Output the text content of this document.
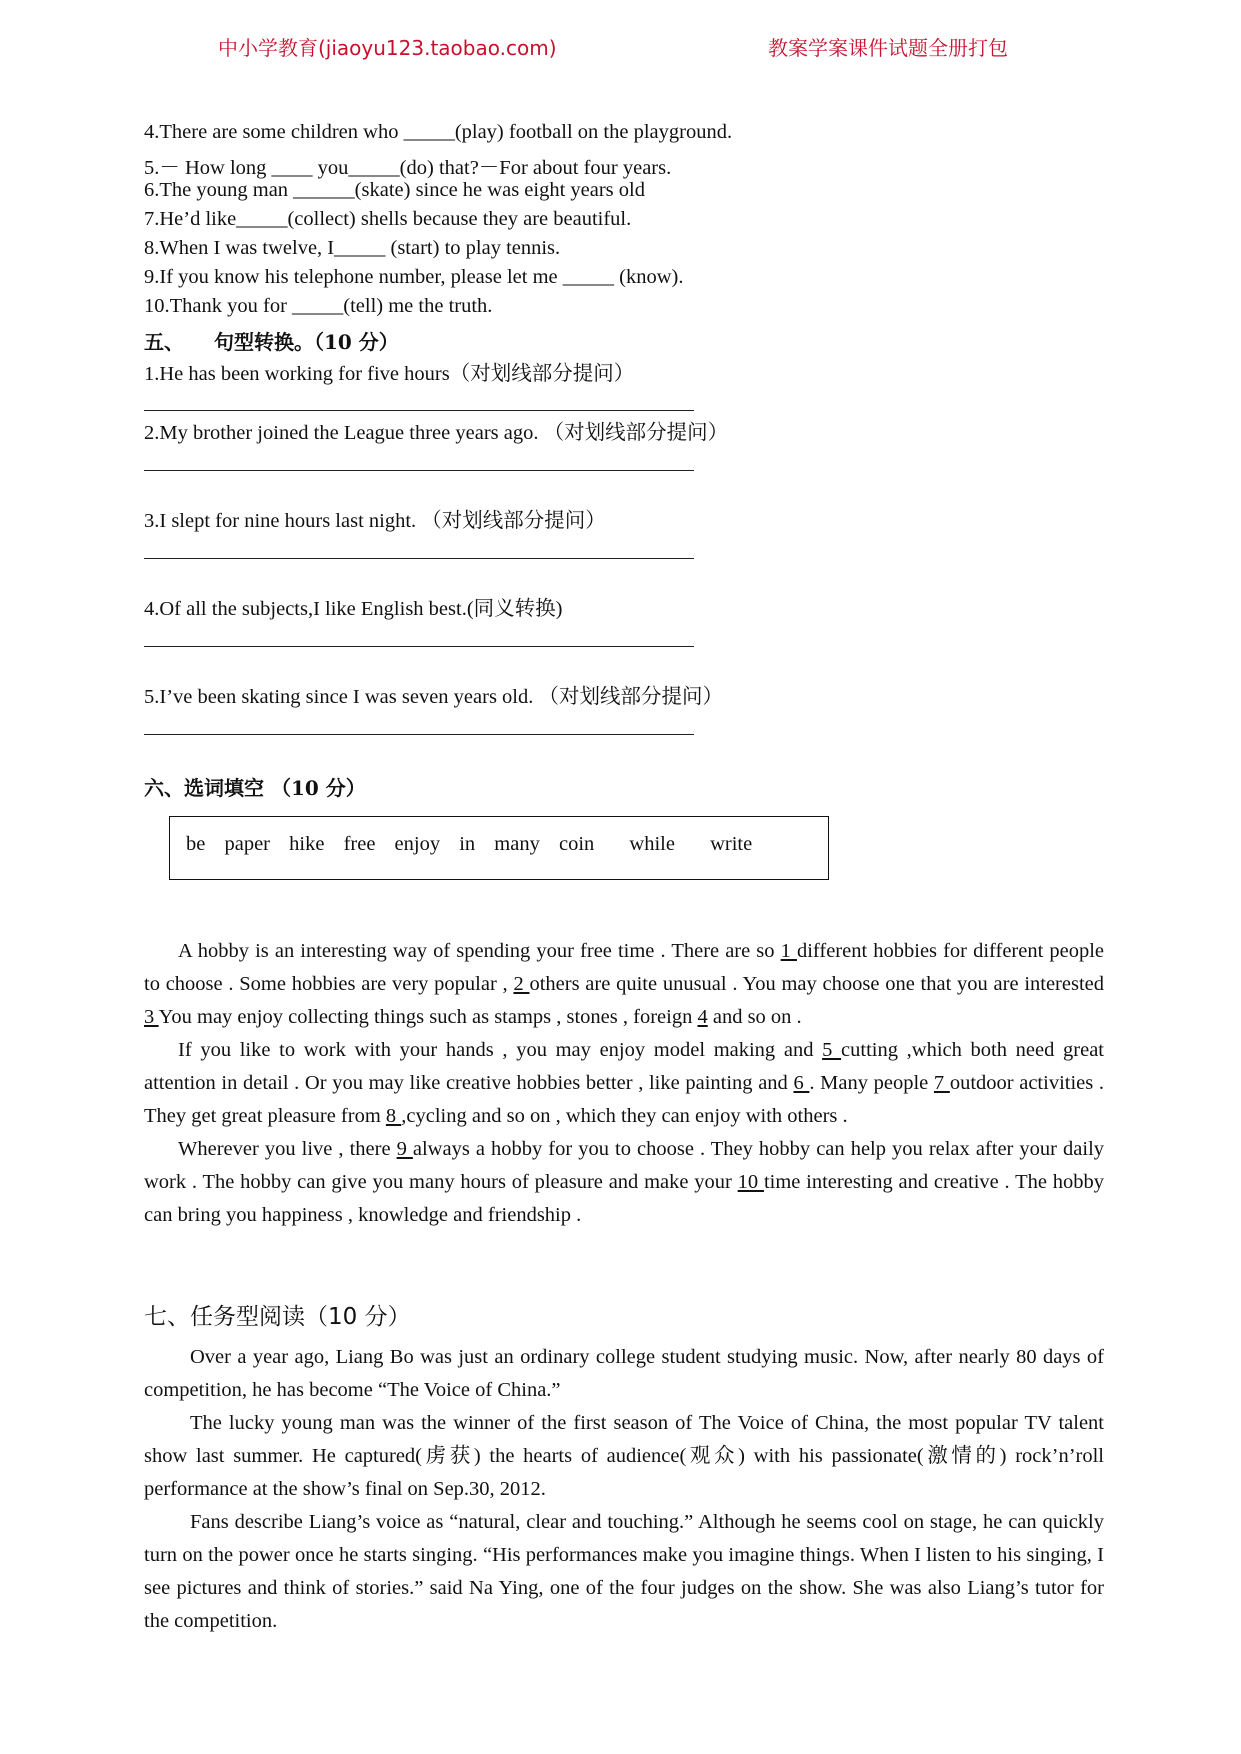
中小学教育(jiaoyu123.taobao.com)	教案学案课件试题全册打包
4.There are some children who _____(play) football on the playground.
5.－ How long ____ you_____(do) that?－For about four years.
6.The young man ______(skate) since he was eight years old
7.He’d like_____(collect) shells because they are beautiful.
8.When I was twelve, I_____ (start) to play tennis.
9.If you know his telephone number, please let me _____ (know).
10.Thank you for _____(tell) me the truth.
五、　　句型转换。（10 分）
1.He has been working for five hours（对划线部分提问）
2.My brother joined the League three years ago. （对划线部分提问）
3.I slept for nine hours last night. （对划线部分提问）
4.Of all the subjects,I like English best.(同义转换)
5.I’ve been skating since I was seven years old. （对划线部分提问）
六、选词填空 （10 分）
be paper hike free enjoy in many coin while write

A hobby is an interesting way of spending your free time . There are so 1 different hobbies for different people to choose . Some hobbies are very popular , 2 others are quite unusual . You may choose one that you are interested 3 You may enjoy collecting things such as stamps , stones , foreign 4 and so on .

If you like to work with your hands , you may enjoy model making and 5 cutting ,which both need great attention in detail . Or you may like creative hobbies better , like painting and 6 . Many people 7 outdoor activities . They get great pleasure from 8 ,cycling and so on , which they can enjoy with others .

Wherever you live , there 9 always a hobby for you to choose . They hobby can help you relax after your daily work . The hobby can give you many hours of pleasure and make your 10 time interesting and creative . The hobby can bring you happiness , knowledge and friendship .

七、任务型阅读（10 分）

Over a year ago, Liang Bo was just an ordinary college student studying music. Now, after nearly 80 days of competition, he has become “The Voice of China.”

The lucky young man was the winner of the first season of The Voice of China, the most popular TV talent show last summer. He captured(虏获) the hearts of audience(观众) with his passionate(激情的) rock’n’roll performance at the show’s final on Sep.30, 2012.

Fans describe Liang’s voice as “natural, clear and touching.” Although he seems cool on stage, he can quickly turn on the power once he starts singing. “His performances make you imagine things. When I listen to his singing, I see pictures and think of stories.” said Na Ying, one of the four judges on the show. She was also Liang’s tutor for the competition.
